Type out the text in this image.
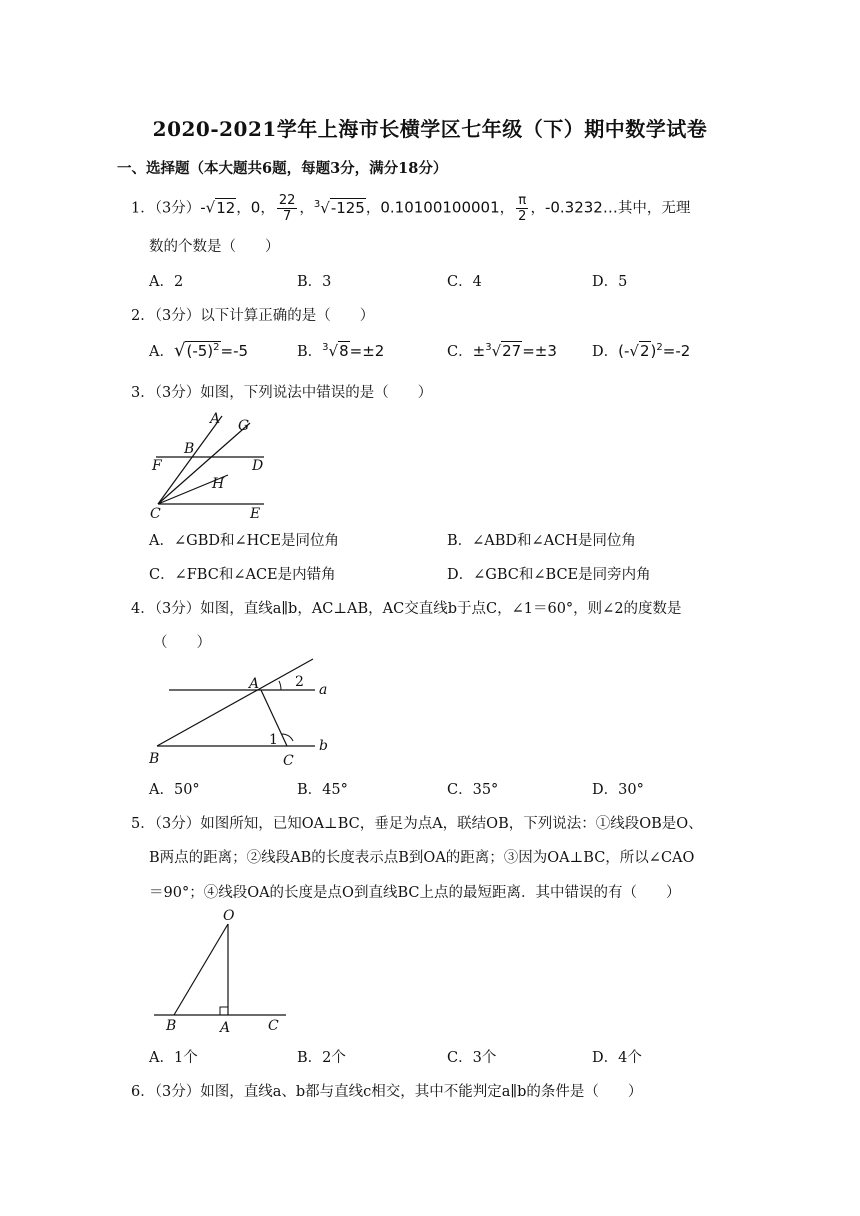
2020-2021学年上海市长横学区七年级（下）期中数学试卷
一、选择题（本大题共6题，每题3分，满分18分）
1．（3分）-√12，0， $\frac{22}{7}$ ，$^3$√-125，0.10100100001， $\frac{\pi}{2}$ ，-0.3232…其中，无理
数的个数是（　　）
A．2	B．3	C．4	D．5
2．（3分）以下计算正确的是（　　）
A．$√(-5)^2=-5$	B．$^3$√8=±2	C．±$^3$√27=±3 D．$(-√2)^2=-2$
3．（3分）如图，下列说法中错误的是（　　）
A G
B
F	D
H
C	E
A．∠GBD和∠HCE是同位角	B．∠ABD和∠ACH是同位角
C．∠FBC和∠ACE是内错角	D．∠GBC和∠BCE是同旁内角
4．（3分）如图，直线a∥b，AC⊥AB，AC交直线b于点C，∠1＝60°，则∠2的度数是
（　　）
A	a
2
1
B	C
b
A．50°	B．45°	C．35°	D．30°
5．（3分）如图所知，已知OA⊥BC，垂足为点A，联结OB，下列说法：①线段OB是O、
B两点的距离；②线段AB的长度表示点B到OA的距离；③因为OA⊥BC，所以∠CAO
＝90°；④线段OA的长度是点O到直线BC上点的最短距离．其中错误的有（　　）
O
B	A	C
A．1个	B．2个	C．3个	D．4个
6．（3分）如图，直线a、b都与直线c相交，其中不能判定a∥b的条件是（　　）
